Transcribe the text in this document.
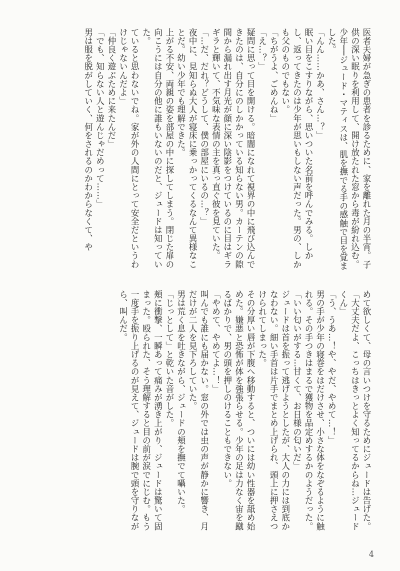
医者夫婦が急ぎの患者を診るために、家を離れた月の半宵。子供の深い眠りを利用して、開け放たれた窓から毒が紛れ込む。
少年──ジュード・マティスは、肌を撫でる手の感触で目を覚ました。
「んん……かあ、さん…？」
眠い目をこすりながら、思いついた名前を呼んでみる。しかし、返ってきたのは少年が思いもしない声だった。男の、しかも父のものでもない。
「ちがうよ、ごめんね」
「え…？」
疑問に思って目を開ける。暗闇になれて視界の中に飛び込んできたのは、自分にのしかかっている知らない男。カーテンの隙間から漏れ出す月光が顔に深い陰影をつけているのに目はギラギラと輝いて、不気味な表情の主を真っ直ぐ彼を見ていた。
「…だ、だれ？どうして、僕の部屋にいるの…？」
夜中に、見知らぬ大人が寝床に乗っかってくるなんて異様なことだ。幼い少年でも理解できた。
上がる不安、両親の姿を部屋の中に探してしまう。閉じた扉の向こうには自分の他に誰もいないのだと、ジュードは知っていた。
ていると思わないでね。家が外の人間にとって安全だというわけじゃないんだよ」
「仲良く遊ぶために来たんだ」
「でも、知らない人と遊んじゃだめって……」
男は服を脱がしていく、何をされるのかわからなくて、や
めて欲しくて、母の言いつけを守るためにジュードは告げた。
「大丈夫だよ、こっちはきっとよく知ってるからね…ジュードくん」
「う、うあ…！や、やだ、やめて…！」
男の手が少年の寝巻をはだけさせ、小さな体をなぞるように触れる。その手つきはまるで獲物を品定めするかのようだった。
「いい匂いがする…甘くて、お日様の匂いだ」
ジュードは首を振って逃げようとしたが、大人の力には到底かなわない。細い手首は片手でまとめ上げられ、頭上に押さえつけられてしまった。
その分厚い唇が下腹へ移動すると、ついには幼い性器を舐め始めた。嫌悪と恐怖が体を強張らせる。少年の足は力なく宙を蹴るばかりで、男の頭を押しのけることもできない。
「やめて、やめてよ…！」
叫んでも誰にも届かない。窓の外では虫の声が静かに響き、月だけが二人を見下ろしていた。
男は荒く息を吐きながら、ジュードの頬を撫でて囁いた。
「じっとして」と乾いた音がした。
頰に衝撃、一瞬あって痛みが湧き上がり、ジュードは驚いて固まった。殴られた、そう理解すると目の前が涙でにじむ。もう一度手を振り上げるのが見えて、ジュードは腕で頭を守りながら、叫んだ。
4
